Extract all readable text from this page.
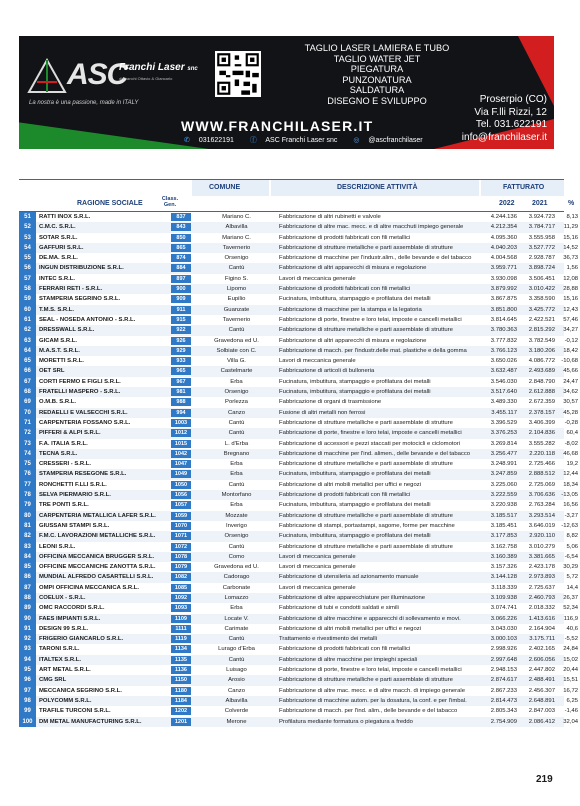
ASC
Franchi Laser snc
di Franchi Ottavio & Giancarlo
La nostra è una passione, made in ITALY
TAGLIO LASER LAMIERA E TUBO
TAGLIO WATER JET
PIEGATURA
PUNZONATURA
SALDATURA
DISEGNO E SVILUPPO	Proserpio (CO)
Via F.lli Rizzi, 12
Tel. 031.622191
info@franchilaser.it
WWW.FRANCHILASER.IT
✆ 031622191 ⓕ ASC Franchi Laser snc ◎ @ascfranchilaser
COMUNE	DESCRIZIONE ATTIVITÀ	FATTURATO
RAGIONE SOCIALE
Class. Gen.	2022 2021	%
51	RATTI INOX S.R.L.	837	Mariano C.	Fabbricazione di altri rubinetti e valvole	4.244.136	3.924.723	8,13
52	C.M.C. S.R.L.	843	Albavilla	Fabbricazione di altre mac. mecc. e di altre macchuti impiego generale	4.212.354	3.784.717	11,29
53	SOTAR S.R.L.	850	Mariano C.	Fabbricazione di prodotti fabbricati con fili metallici	4.095.360	3.555.958	15,16
54	GAFFURI S.R.L.	865	Tavernerio	Fabbricazione di strutture metalliche e parti assemblate di strutture	4.040.203	3.527.772	14,52
55	DE.MA. S.R.L.	874	Orsenigo	Fabbricazione di macchine per l'industr.alim., delle bevande e del tabacco	4.004.568	2.928.787	36,73
56	INGUN DISTRIBUZIONE S.R.L.	884	Cantù	Fabbricazione di altri apparecchi di misura e regolazione	3.959.771	3.898.724	1,56
57	INTEC S.R.L.	897	Figino S.	Lavori di meccanica generale	3.930.098	3.506.451	12,08
58	FERRARI RETI - S.R.L.	900	Lipomo	Fabbricazione di prodotti fabbricati con fili metallici	3.879.992	3.010.422	28,88
59	STAMPERIA SEGRINO S.R.L.	909	Eupilio	Fucinatura, imbutitura, stampaggio e profilatura dei metalli	3.867.875	3.358.590	15,16
60	T.M.S. S.R.L.	911	Guanzate	Fabbricazione di macchine per la stampa e la legatoria	3.851.800	3.425.772	12,43
61	SEAL - NOSEDA ANTONIO - S.R.L.	915	Tavernerio	Fabbricazione di porte, finestre e loro telai, imposte e cancelli metallici	3.814.645	2.422.521	57,46
62	DRESSWALL S.R.L.	922	Cantù	Fabbricazione di strutture metalliche e parti assemblate di strutture	3.780.363	2.815.292	34,27
63	GICAM S.R.L.	926	Gravedona ed U.	Fabbricazione di altri apparecchi di misura e regolazione	3.777.832	3.782.549	-0,12
64	M.A.S.T. S.R.L.	929	Solbiate con C.	Fabbricazione di macch. per l'industr.delle mat. plastiche e della gomma	3.766.123	3.180.206	18,42
65	MORETTI S.R.L.	933	Villa G.	Lavori di meccanica generale	3.650.026	4.086.772	-10,68
66	OET SRL	965	Castelmarte	Fabbricazione di articoli di bulloneria	3.632.487	2.493.689	45,66
67	CORTI FERMO E FIGLI S.R.L.	967	Erba	Fucinatura, imbutitura, stampaggio e profilatura dei metalli	3.546.030	2.848.790	24,47
68	FRATELLI MASPERO - S.R.L.	981	Orsenigo	Fucinatura, imbutitura, stampaggio e profilatura dei metalli	3.517.640	2.612.888	34,62
69	O.M.B. S.R.L.	988	Porlezza	Fabbricazione di organi di trasmissione	3.489.330	2.672.359	30,57
70	REDAELLI E VALSECCHI S.R.L.	994	Canzo	Fusione di altri metalli non ferrosi	3.455.117	2.378.157	45,28
71	CARPENTERIA FOSSANO S.R.L.	1003	Cantù	Fabbricazione di strutture metalliche e parti assemblate di strutture	3.396.529	3.406.399	-0,28
72	PIFFERI & ALPI S.R.L.	1012	Cantù	Fabbricazione di porte, finestre e loro telai, imposte e cancelli metallici	3.376.253	2.104.836	60,4
73	F.A. ITALIA S.R.L.	1015	L. d'Erba	Fabbricazione di accessori e pezzi staccati per motocicli e ciclomotori	3.269.814	3.555.282	-8,02
74	TECNA S.R.L.	1042	Bregnano	Fabbricazione di macchine per l'ind. alimen., delle bevande e del tabacco	3.256.477	2.220.118	46,68
75	CRESSERI - S.R.L.	1047	Erba	Fabbricazione di strutture metalliche e parti assemblate di strutture	3.248.991	2.725.466	19,2
76	STAMPERIA RESEGONE S.R.L.	1049	Erba	Fucinatura, imbutitura, stampaggio e profilatura dei metalli	3.247.859	2.888.512	12,44
77	RONCHETTI F.LLI S.R.L.	1050	Cantù	Fabbricazione di altri mobili metallici per uffici e negozi	3.225.060	2.725.069	18,34
78	SELVA PIERMARIO S.R.L.	1056	Montorfano	Fabbricazione di prodotti fabbricati con fili metallici	3.222.559	3.706.636	-13,05
79	TRE PONTI S.R.L.	1057	Erba	Fucinatura, imbutitura, stampaggio e profilatura dei metalli	3.220.938	2.763.284	16,56
80	CARPENTERIA METALLICA LAFER S.R.L.	1059	Mozzate	Fabbricazione di strutture metalliche e parti assemblate di strutture	3.185.517	3.293.514	-3,27
81	GIUSSANI STAMPI S.R.L.	1070	Inverigo	Fabbricazione di stampi, portastampi, sagome, forme per macchine	3.185.451	3.646.019	-12,63
82	F.M.C. LAVORAZIONI METALLICHE S.R.L.	1071	Orsenigo	Fucinatura, imbutitura, stampaggio e profilatura dei metalli	3.177.853	2.920.110	8,82
83	LEONI S.R.L.	1072	Cantù	Fabbricazione di strutture metalliche e parti assemblate di strutture	3.162.758	3.010.279	5,06
84	OFFICINA MECCANICA BRUGGER S.R.L.	1078	Como	Lavori di meccanica generale	3.160.389	3.381.665	-6,54
85	OFFICINE MECCANICHE ZANOTTA S.R.L.	1079	Gravedona ed U.	Lavori di meccanica generale	3.157.326	2.423.178	30,29
86	MUNDIAL ALFREDO CASARTELLI S.R.L.	1082	Cadorago	Fabbricazione di utensileria ad azionamento manuale	3.144.128	2.973.893	5,72
87	OMPI OFFICINA MECCANICA S.R.L.	1085	Carbonate	Lavori di meccanica generale	3.118.339	2.725.637	14,4
88	COELUX - S.R.L.	1092	Lomazzo	Fabbricazione di altre apparecchiature per illuminazione	3.109.938	2.460.793	26,37
89	OMC RACCORDI S.R.L.	1093	Erba	Fabbricazione di tubi e condotti saldati e simili	3.074.741	2.018.332	52,34
90	FAES IMPIANTI S.R.L.	1109	Locate V.	Fabbricazione di altre macchine e apparecchi di sollevamento e movi.	3.066.226	1.413.616	116,9
91	DESIGN 99 S.R.L.	1111	Carimate	Fabbricazione di altri mobili metallici per uffici e negozi	3.043.030	2.164.904	40,6
92	FRIGERIO GIANCARLO S.R.L.	1119	Cantù	Trattamento e rivestimento dei metalli	3.000.103	3.175.711	-5,52
93	TARONI S.R.L.	1134	Lurago d'Erba	Fabbricazione di prodotti fabbricati con fili metallici	2.998.926	2.402.165	24,84
94	ITALTEX S.R.L.	1135	Cantù	Fabbricazione di altre macchine per impieghi speciali	2.997.648	2.606.056	15,02
95	ART METAL S.R.L.	1136	Luisago	Fabbricazione di porte, finestre e loro telai, imposte e cancelli metallici	2.948.153	2.447.802	20,44
96	CMG SRL	1150	Arosio	Fabbricazione di strutture metalliche e parti assemblate di strutture	2.874.617	2.488.491	15,51
97	MECCANICA SEGRINO S.R.L.	1180	Canzo	Fabbricazione di altre mac. mecc. e di altre macch. di impiego generale	2.867.233	2.456.307	16,72
98	POLYCOMM S.R.L.	1184	Albavilla	Fabbricazione di macchine autom. per la dosatura, la conf. e per l'imbal.	2.814.473	2.648.891	6,25
99	TRAFILE TURCONI S.R.L.	1202	Colverde	Fabbricazione di macch. per l'ind. alim., delle bevande e del tabacco	2.805.343	2.847.003	-1,46
100	DM METAL MANUFACTURING S.R.L.	1201	Merone	Profilatura mediante formatura o piegatura a freddo	2.754.909	2.086.412	32,04
219
